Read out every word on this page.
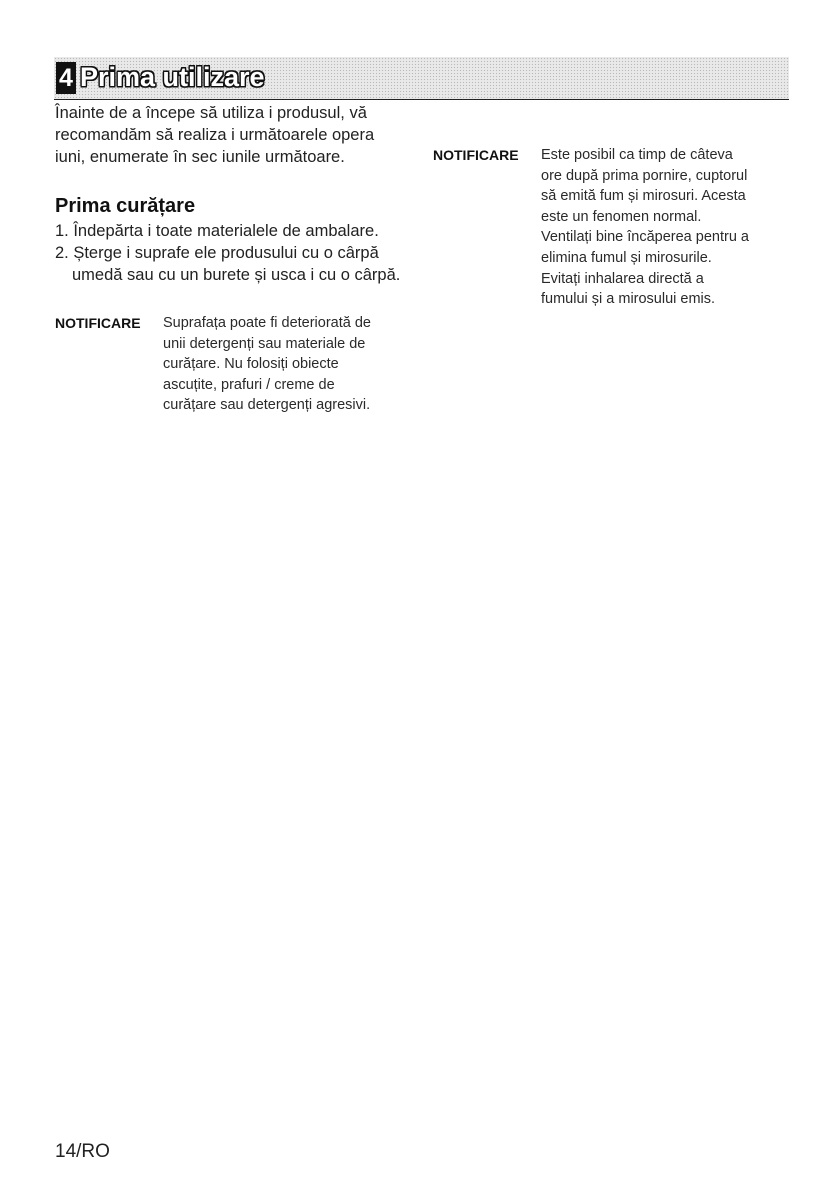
4 Prima utilizare

Înainte de a începe să utiliza i produsul, vă recomandăm să realiza i următoarele opera iuni, enumerate în sec iunile următoare.

Prima curățare
1. Îndepărta i toate materialele de ambalare.
2. Șterge i suprafe ele produsului cu o cârpă umedă sau cu un burete și usca i cu o cârpă.
NOTIFICARE	Suprafața poate fi deteriorată de unii detergenți sau materiale de curățare. Nu folosiți obiecte ascuțite, prafuri / creme de curățare sau detergenți agresivi.

NOTIFICARE	Este posibil ca timp de câteva ore după prima pornire, cuptorul să emită fum și mirosuri. Acesta este un fenomen normal. Ventilați bine încăperea pentru a elimina fumul și mirosurile. Evitați inhalarea directă a fumului și a mirosului emis.

14/RO
